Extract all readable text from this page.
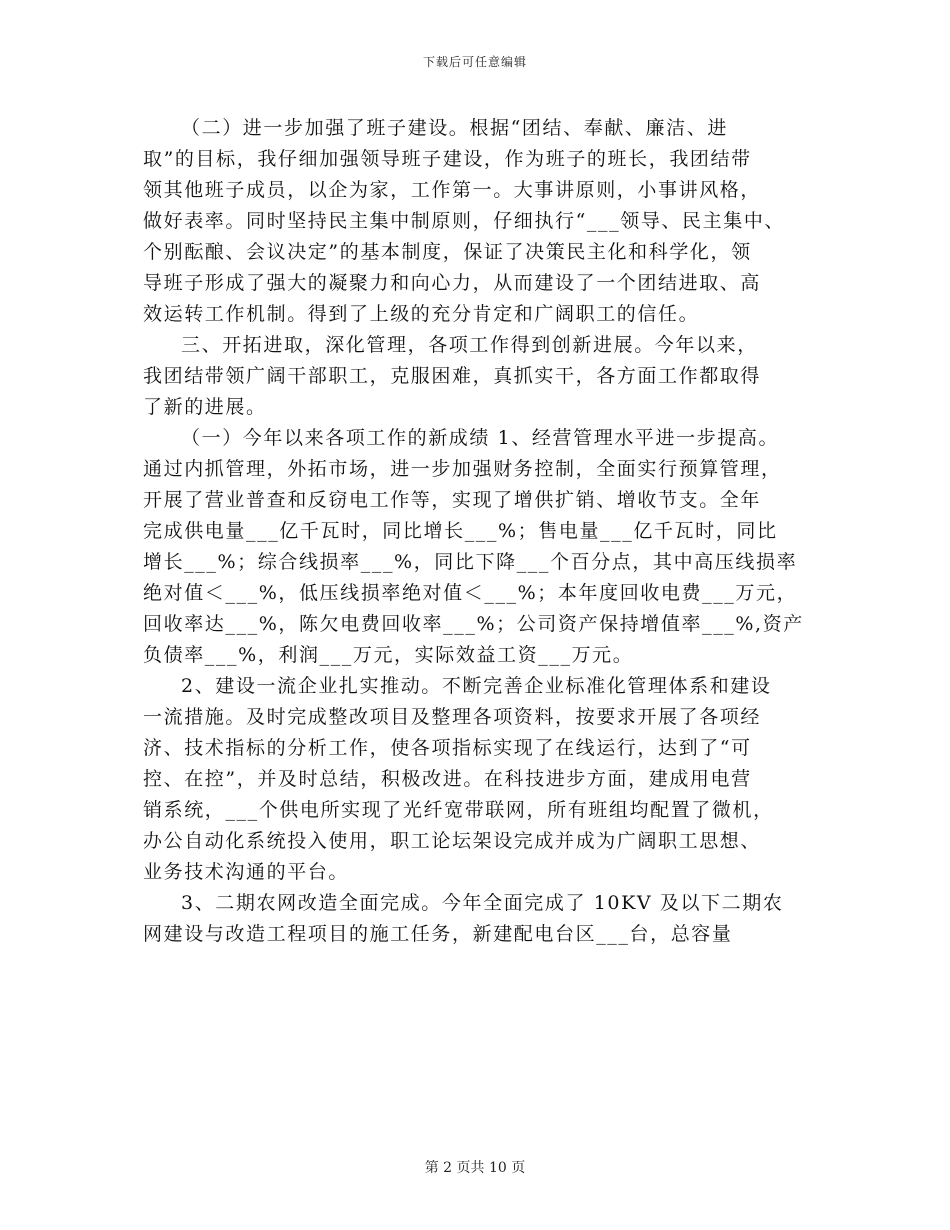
下载后可任意编辑

（二）进一步加强了班子建设。根据“团结、奉献、廉洁、进
取”的目标，我仔细加强领导班子建设，作为班子的班长，我团结带
领其他班子成员，以企为家，工作第一。大事讲原则，小事讲风格，
做好表率。同时坚持民主集中制原则，仔细执行“___领导、民主集中、
个别酝酿、会议决定”的基本制度，保证了决策民主化和科学化，领
导班子形成了强大的凝聚力和向心力，从而建设了一个团结进取、高
效运转工作机制。得到了上级的充分肯定和广阔职工的信任。

三、开拓进取，深化管理，各项工作得到创新进展。今年以来，
我团结带领广阔干部职工，克服困难，真抓实干，各方面工作都取得
了新的进展。

（一）今年以来各项工作的新成绩 1、经营管理水平进一步提高。
通过内抓管理，外拓市场，进一步加强财务控制，全面实行预算管理，
开展了营业普查和反窃电工作等，实现了增供扩销、增收节支。全年
完成供电量___亿千瓦时，同比增长___%；售电量___亿千瓦时，同比
增长___%；综合线损率___%，同比下降___个百分点，其中高压线损率
绝对值＜___%，低压线损率绝对值＜___%；本年度回收电费___万元，
回收率达___%，陈欠电费回收率___%；公司资产保持增值率___%,资产
负债率___%，利润___万元，实际效益工资___万元。

2、建设一流企业扎实推动。不断完善企业标准化管理体系和建设
一流措施。及时完成整改项目及整理各项资料，按要求开展了各项经
济、技术指标的分析工作，使各项指标实现了在线运行，达到了“可
控、在控”，并及时总结，积极改进。在科技进步方面，建成用电营
销系统，___个供电所实现了光纤宽带联网，所有班组均配置了微机，
办公自动化系统投入使用，职工论坛架设完成并成为广阔职工思想、
业务技术沟通的平台。

3、二期农网改造全面完成。今年全面完成了 10KV 及以下二期农
网建设与改造工程项目的施工任务，新建配电台区___台，总容量

第 2 页共 10 页
